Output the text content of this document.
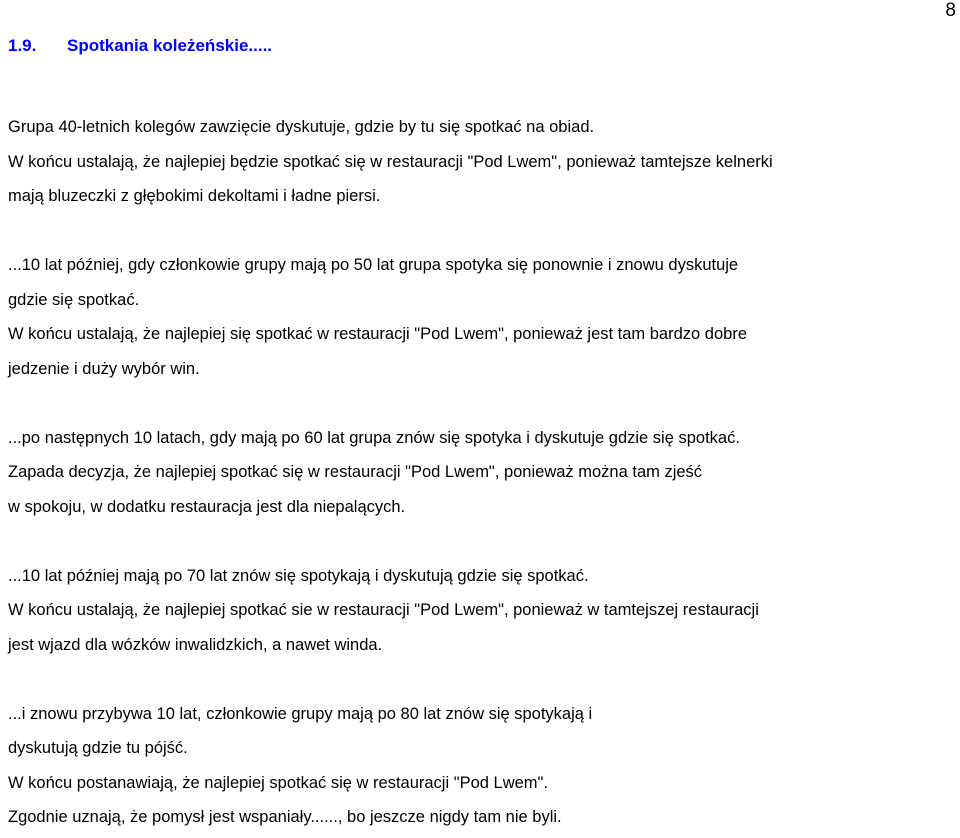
8
1.9. Spotkania koleżeńskie.....
Grupa 40-letnich kolegów zawzięcie dyskutuje, gdzie by tu się spotkać na obiad.
W końcu ustalają, że najlepiej będzie spotkać się w restauracji "Pod Lwem", ponieważ tamtejsze kelnerki
mają bluzeczki z głębokimi dekoltami i ładne piersi.
...10 lat później, gdy członkowie grupy mają po 50 lat grupa spotyka się ponownie i znowu dyskutuje
gdzie się spotkać.
W końcu ustalają, że najlepiej się spotkać w restauracji "Pod Lwem", ponieważ jest tam bardzo dobre
jedzenie i duży wybór win.
...po następnych 10 latach, gdy mają po 60 lat grupa znów się spotyka i dyskutuje gdzie się spotkać.
Zapada decyzja, że najlepiej spotkać się w restauracji "Pod Lwem", ponieważ można tam zjeść
w spokoju, w dodatku restauracja jest dla niepalących.
...10 lat później mają po 70 lat znów się spotykają i dyskutują gdzie się spotkać.
W końcu ustalają, że najlepiej spotkać sie w restauracji "Pod Lwem", ponieważ w tamtejszej restauracji
jest wjazd dla wózków inwalidzkich, a nawet winda.
...i znowu przybywa 10 lat, członkowie grupy mają po 80 lat znów się spotykają i
dyskutują gdzie tu pójść.
W końcu postanawiają, że najlepiej spotkać się w restauracji "Pod Lwem".
Zgodnie uznają, że pomysł jest wspaniały......, bo jeszcze nigdy tam nie byli.
